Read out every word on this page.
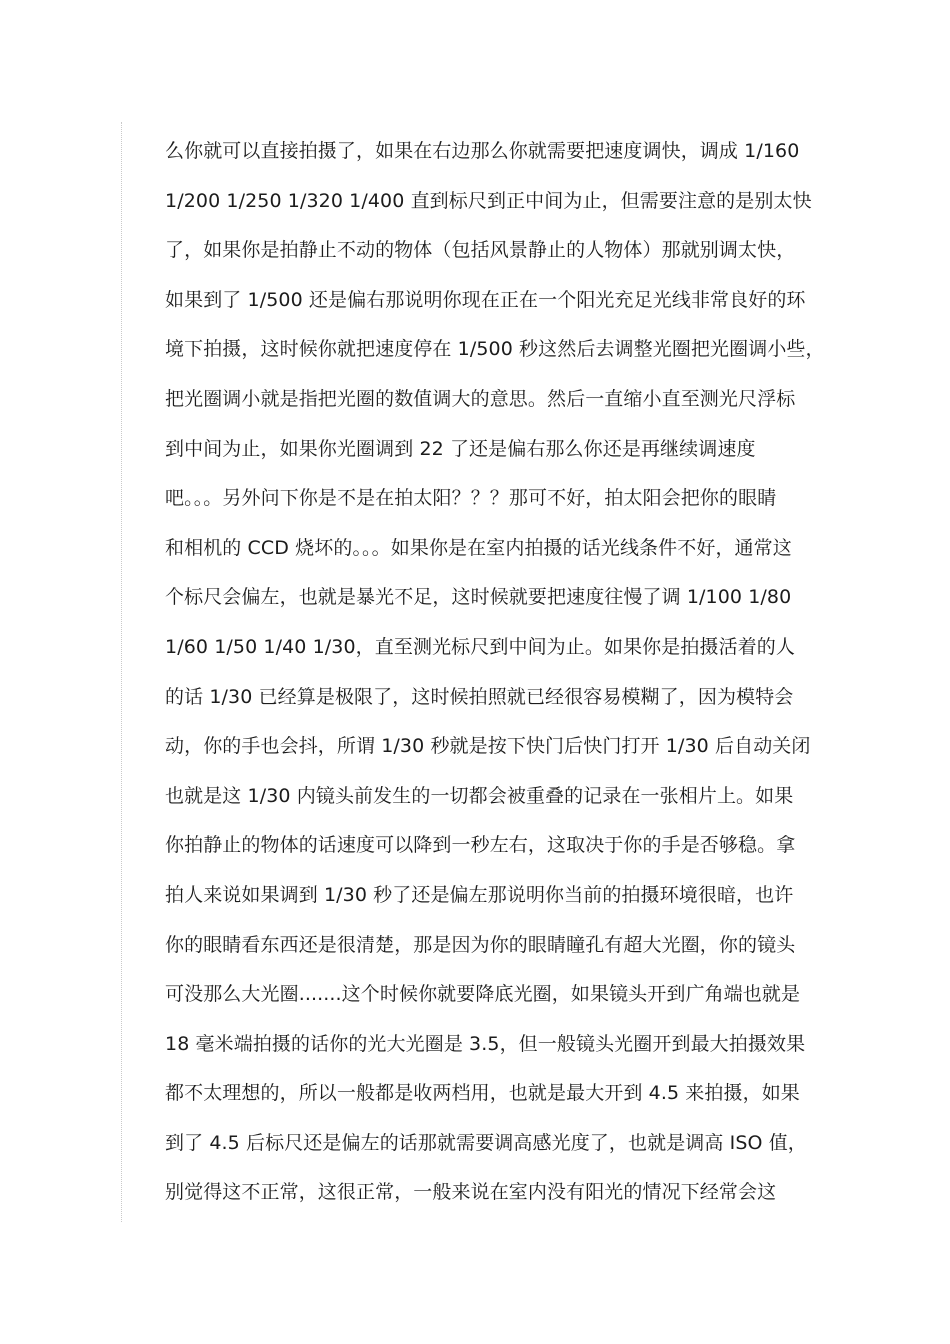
么你就可以直接拍摄了，如果在右边那么你就需要把速度调快，调成 1/160
1/200 1/250 1/320 1/400 直到标尺到正中间为止，但需要注意的是别太快
了，如果你是拍静止不动的物体（包括风景静止的人物体）那就别调太快，
如果到了 1/500 还是偏右那说明你现在正在一个阳光充足光线非常良好的环
境下拍摄，这时候你就把速度停在 1/500 秒这然后去调整光圈把光圈调小些，
把光圈调小就是指把光圈的数值调大的意思。然后一直缩小直至测光尺浮标
到中间为止，如果你光圈调到 22 了还是偏右那么你还是再继续调速度
吧。。。另外问下你是不是在拍太阳？？？那可不好，拍太阳会把你的眼睛
和相机的 CCD 烧坏的。。。如果你是在室内拍摄的话光线条件不好，通常这
个标尺会偏左，也就是暴光不足，这时候就要把速度往慢了调 1/100 1/80
1/60 1/50 1/40 1/30，直至测光标尺到中间为止。如果你是拍摄活着的人
的话 1/30 已经算是极限了，这时候拍照就已经很容易模糊了，因为模特会
动，你的手也会抖，所谓 1/30 秒就是按下快门后快门打开 1/30 后自动关闭
也就是这 1/30 内镜头前发生的一切都会被重叠的记录在一张相片上。如果
你拍静止的物体的话速度可以降到一秒左右，这取决于你的手是否够稳。拿
拍人来说如果调到 1/30 秒了还是偏左那说明你当前的拍摄环境很暗，也许
你的眼睛看东西还是很清楚，那是因为你的眼睛瞳孔有超大光圈，你的镜头
可没那么大光圈.......这个时候你就要降底光圈，如果镜头开到广角端也就是
18 毫米端拍摄的话你的光大光圈是 3.5，但一般镜头光圈开到最大拍摄效果
都不太理想的，所以一般都是收两档用，也就是最大开到 4.5 来拍摄，如果
到了 4.5 后标尺还是偏左的话那就需要调高感光度了，也就是调高 ISO 值，
别觉得这不正常，这很正常，一般来说在室内没有阳光的情况下经常会这
